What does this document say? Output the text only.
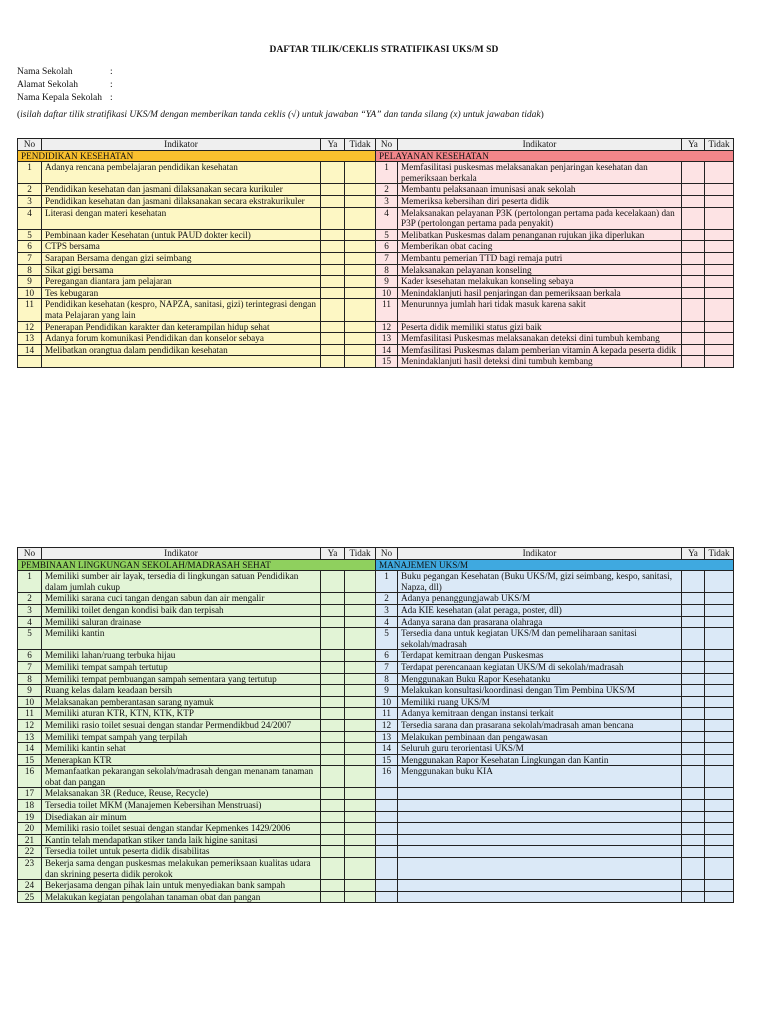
DAFTAR TILIK/CEKLIS STRATIFIKASI UKS/M SD
Nama Sekolah	:
Alamat Sekolah	:
Nama Kepala Sekolah :
(isilah daftar tilik stratifikasi UKS/M dengan memberikan tanda ceklis (√) untuk jawaban “YA” dan tanda silang (x) untuk jawaban tidak)
No	Indikator	Ya	Tidak	No	Indikator	Ya	Tidak
PENDIDIKAN KESEHATAN				PELAYANAN KESEHATAN			
1	Adanya rencana pembelajaran pendidikan kesehatan			1	Memfasilitasi puskesmas melaksanakan penjaringan kesehatan dan pemeriksaan berkala		
2	Pendidikan kesehatan dan jasmani dilaksanakan secara kurikuler			2	Membantu pelaksanaan imunisasi anak sekolah		
3	Pendidikan kesehatan dan jasmani dilaksanakan secara ekstrakurikuler			3	Memeriksa kebersihan diri peserta didik		
4	Literasi dengan materi kesehatan			4	Melaksanakan pelayanan P3K (pertolongan pertama pada kecelakaan) dan P3P (pertolongan pertama pada penyakit)		
5	Pembinaan kader Kesehatan (untuk PAUD dokter kecil)			5	Melibatkan Puskesmas dalam penanganan rujukan jika diperlukan		
6	CTPS bersama			6	Memberikan obat cacing		
7	Sarapan Bersama dengan gizi seimbang			7	Membantu pemerian TTD bagi remaja putri		
8	Sikat gigi bersama			8	Melaksanakan pelayanan konseling		
9	Peregangan diantara jam pelajaran			9	Kader ksesehatan melakukan konseling sebaya		
10	Tes kebugaran			10	Menindaklanjuti hasil penjaringan dan pemeriksaan berkala		
11	Pendidikan kesehatan (kespro, NAPZA, sanitasi, gizi) terintegrasi dengan mata Pelajaran yang lain			11	Menurunnya jumlah hari tidak masuk karena sakit		
12	Penerapan Pendidikan karakter dan keterampilan hidup sehat			12	Peserta didik memiliki status gizi baik		
13	Adanya forum komunikasi Pendidikan dan konselor sebaya			13	Memfasilitasi Puskesmas melaksanakan deteksi dini tumbuh kembang		
14	Melibatkan orangtua dalam pendidikan kesehatan			14	Memfasilitasi Puskesmas dalam pemberian vitamin A kepada peserta didik		
				15	Menindaklanjuti hasil deteksi dini tumbuh kembang		
No	Indikator	Ya	Tidak	No	Indikator	Ya	Tidak
PEMBINAAN LINGKUNGAN SEKOLAH/MADRASAH SEHAT				MANAJEMEN UKS/M			
1	Memiliki sumber air layak, tersedia di lingkungan satuan Pendidikan dalam jumlah cukup			1	Buku pegangan Kesehatan (Buku UKS/M, gizi seimbang, kespo, sanitasi, Napza, dll)		
2	Memiliki sarana cuci tangan dengan sabun dan air mengalir			2	Adanya penanggungjawab UKS/M		
3	Memiliki toilet dengan kondisi baik dan terpisah			3	Ada KIE kesehatan (alat peraga, poster, dll)		
4	Memiliki saluran drainase			4	Adanya sarana dan prasarana olahraga		
5	Memiliki kantin			5	Tersedia dana untuk kegiatan UKS/M dan pemeliharaan sanitasi sekolah/madrasah		
6	Memiliki lahan/ruang terbuka hijau			6	Terdapat kemitraan dengan Puskesmas		
7	Memiliki tempat sampah tertutup			7	Terdapat perencanaan kegiatan UKS/M di sekolah/madrasah		
8	Memiliki tempat pembuangan sampah sementara yang tertutup			8	Menggunakan Buku Rapor Kesehatanku		
9	Ruang kelas dalam keadaan bersih			9	Melakukan konsultasi/koordinasi dengan Tim Pembina UKS/M		
10	Melaksanakan pemberantasan sarang nyamuk			10	Memiliki ruang UKS/M		
11	Memiliki aturan KTR, KTN, KTK, KTP			11	Adanya kemitraan dengan instansi terkait		
12	Memiliki rasio toilet sesuai dengan standar Permendikbud 24/2007			12	Tersedia sarana dan prasarana sekolah/madrasah aman bencana		
13	Memiliki tempat sampah yang terpilah			13	Melakukan pembinaan dan pengawasan		
14	Memiliki kantin sehat			14	Seluruh guru terorientasi UKS/M		
15	Menerapkan KTR			15	Menggunakan Rapor Kesehatan Lingkungan dan Kantin		
16	Memanfaatkan pekarangan sekolah/madrasah dengan menanam tanaman obat dan pangan			16	Menggunakan buku KIA		
17	Melaksanakan 3R (Reduce, Reuse, Recycle)						
18	Tersedia toilet MKM (Manajemen Kebersihan Menstruasi)						
19	Disediakan air minum						
20	Memiliki rasio toilet sesuai dengan standar Kepmenkes 1429/2006						
21	Kantin telah mendapatkan stiker tanda laik higine sanitasi						
22	Tersedia toilet untuk peserta didik disabilitas						
23	Bekerja sama dengan puskesmas melakukan pemeriksaan kualitas udara dan skrining peserta didik perokok						
24	Bekerjasama dengan pihak lain untuk menyediakan bank sampah						
25	Melakukan kegiatan pengolahan tanaman obat dan pangan						
